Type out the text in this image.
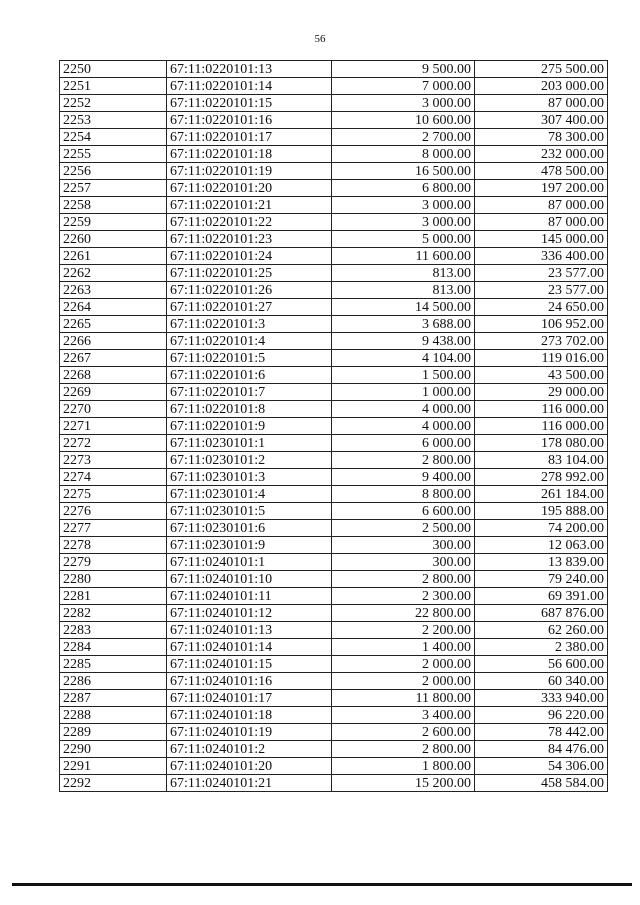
56
2250	67:11:0220101:13	9 500.00	275 500.00
2251	67:11:0220101:14	7 000.00	203 000.00
2252	67:11:0220101:15	3 000.00	87 000.00
2253	67:11:0220101:16	10 600.00	307 400.00
2254	67:11:0220101:17	2 700.00	78 300.00
2255	67:11:0220101:18	8 000.00	232 000.00
2256	67:11:0220101:19	16 500.00	478 500.00
2257	67:11:0220101:20	6 800.00	197 200.00
2258	67:11:0220101:21	3 000.00	87 000.00
2259	67:11:0220101:22	3 000.00	87 000.00
2260	67:11:0220101:23	5 000.00	145 000.00
2261	67:11:0220101:24	11 600.00	336 400.00
2262	67:11:0220101:25	813.00	23 577.00
2263	67:11:0220101:26	813.00	23 577.00
2264	67:11:0220101:27	14 500.00	24 650.00
2265	67:11:0220101:3	3 688.00	106 952.00
2266	67:11:0220101:4	9 438.00	273 702.00
2267	67:11:0220101:5	4 104.00	119 016.00
2268	67:11:0220101:6	1 500.00	43 500.00
2269	67:11:0220101:7	1 000.00	29 000.00
2270	67:11:0220101:8	4 000.00	116 000.00
2271	67:11:0220101:9	4 000.00	116 000.00
2272	67:11:0230101:1	6 000.00	178 080.00
2273	67:11:0230101:2	2 800.00	83 104.00
2274	67:11:0230101:3	9 400.00	278 992.00
2275	67:11:0230101:4	8 800.00	261 184.00
2276	67:11:0230101:5	6 600.00	195 888.00
2277	67:11:0230101:6	2 500.00	74 200.00
2278	67:11:0230101:9	300.00	12 063.00
2279	67:11:0240101:1	300.00	13 839.00
2280	67:11:0240101:10	2 800.00	79 240.00
2281	67:11:0240101:11	2 300.00	69 391.00
2282	67:11:0240101:12	22 800.00	687 876.00
2283	67:11:0240101:13	2 200.00	62 260.00
2284	67:11:0240101:14	1 400.00	2 380.00
2285	67:11:0240101:15	2 000.00	56 600.00
2286	67:11:0240101:16	2 000.00	60 340.00
2287	67:11:0240101:17	11 800.00	333 940.00
2288	67:11:0240101:18	3 400.00	96 220.00
2289	67:11:0240101:19	2 600.00	78 442.00
2290	67:11:0240101:2	2 800.00	84 476.00
2291	67:11:0240101:20	1 800.00	54 306.00
2292	67:11:0240101:21	15 200.00	458 584.00
